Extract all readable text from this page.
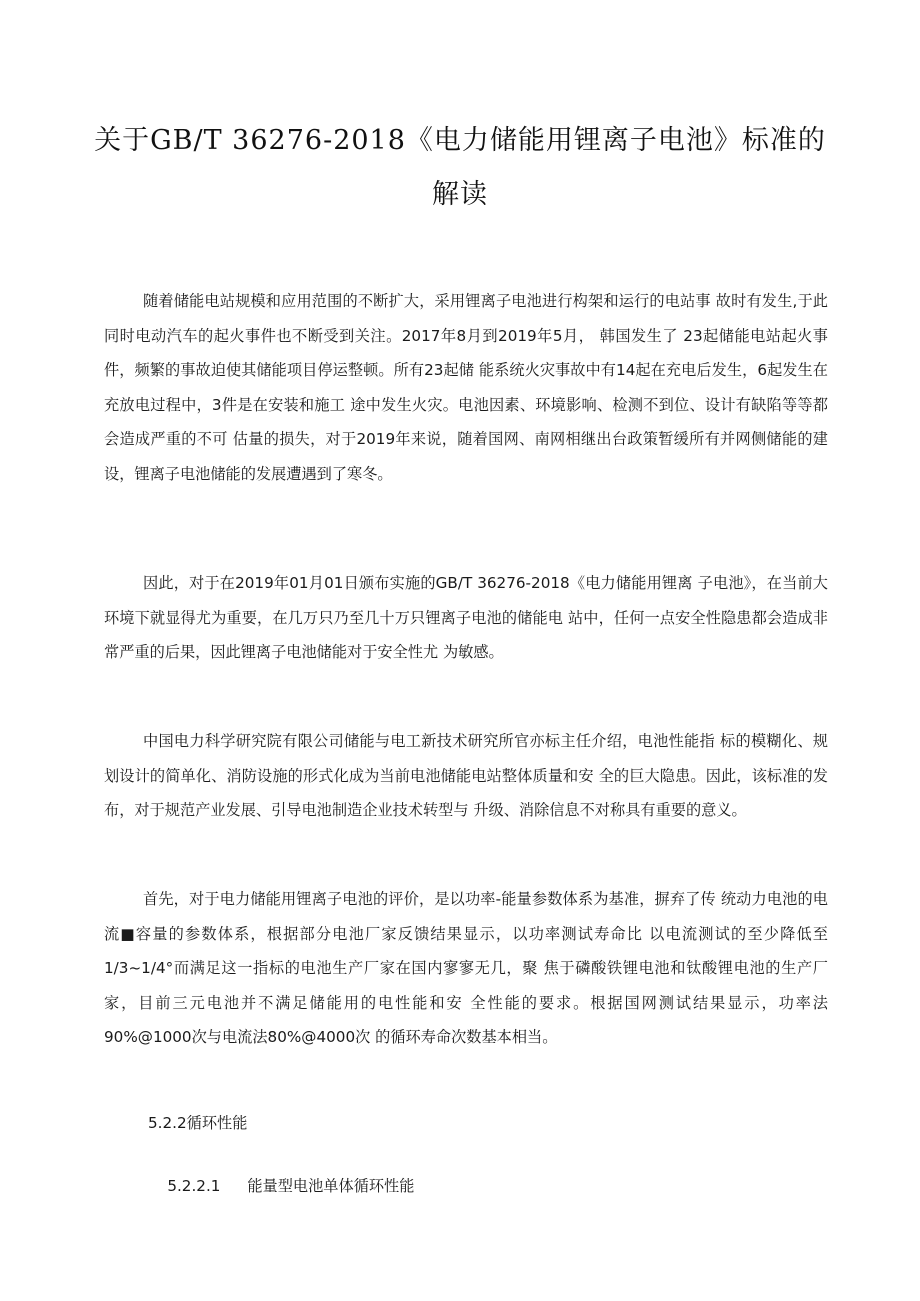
关于GB/T 36276-2018《电力储能用锂离子电池》标准的
解读

随着储能电站规模和应用范围的不断扩大，采用锂离子电池进行构架和运行的电站事 故时有发生,于此同时电动汽车的起火事件也不断受到关注。2017年8月到2019年5月， 韩国发生了 23起储能电站起火事件，频繁的事故迫使其储能项目停运整顿。所有23起储 能系统火灾事故中有14起在充电后发生，6起发生在充放电过程中，3件是在安装和施工 途中发生火灾。电池因素、环境影响、检测不到位、设计有缺陷等等都会造成严重的不可 估量的损失，对于2019年来说，随着国网、南网相继出台政策暂缓所有并网侧储能的建 设，锂离子电池储能的发展遭遇到了寒冬。

因此，对于在2019年01月01日颁布实施的GB/T 36276-2018《电力储能用锂离 子电池》，在当前大环境下就显得尤为重要，在几万只乃至几十万只锂离子电池的储能电 站中，任何一点安全性隐患都会造成非常严重的后果，因此锂离子电池储能对于安全性尤 为敏感。

中国电力科学研究院有限公司储能与电工新技术研究所官亦标主任介绍，电池性能指 标的模糊化、规划设计的简单化、消防设施的形式化成为当前电池储能电站整体质量和安 全的巨大隐患。因此，该标准的发布，对于规范产业发展、引导电池制造企业技术转型与 升级、消除信息不对称具有重要的意义。

首先，对于电力储能用锂离子电池的评价，是以功率-能量参数体系为基准，摒弃了传 统动力电池的电流■容量的参数体系，根据部分电池厂家反馈结果显示，以功率测试寿命比 以电流测试的至少降低至1/3~1/4°而满足这一指标的电池生产厂家在国内寥寥无几，聚 焦于磷酸铁锂电池和钛酸锂电池的生产厂家，目前三元电池并不满足储能用的电性能和安 全性能的要求。根据国网测试结果显示，功率法90%@1000次与电流法80%@4000次 的循环寿命次数基本相当。

5.2.2循环性能

5.2.2.1 能量型电池单体循环性能
